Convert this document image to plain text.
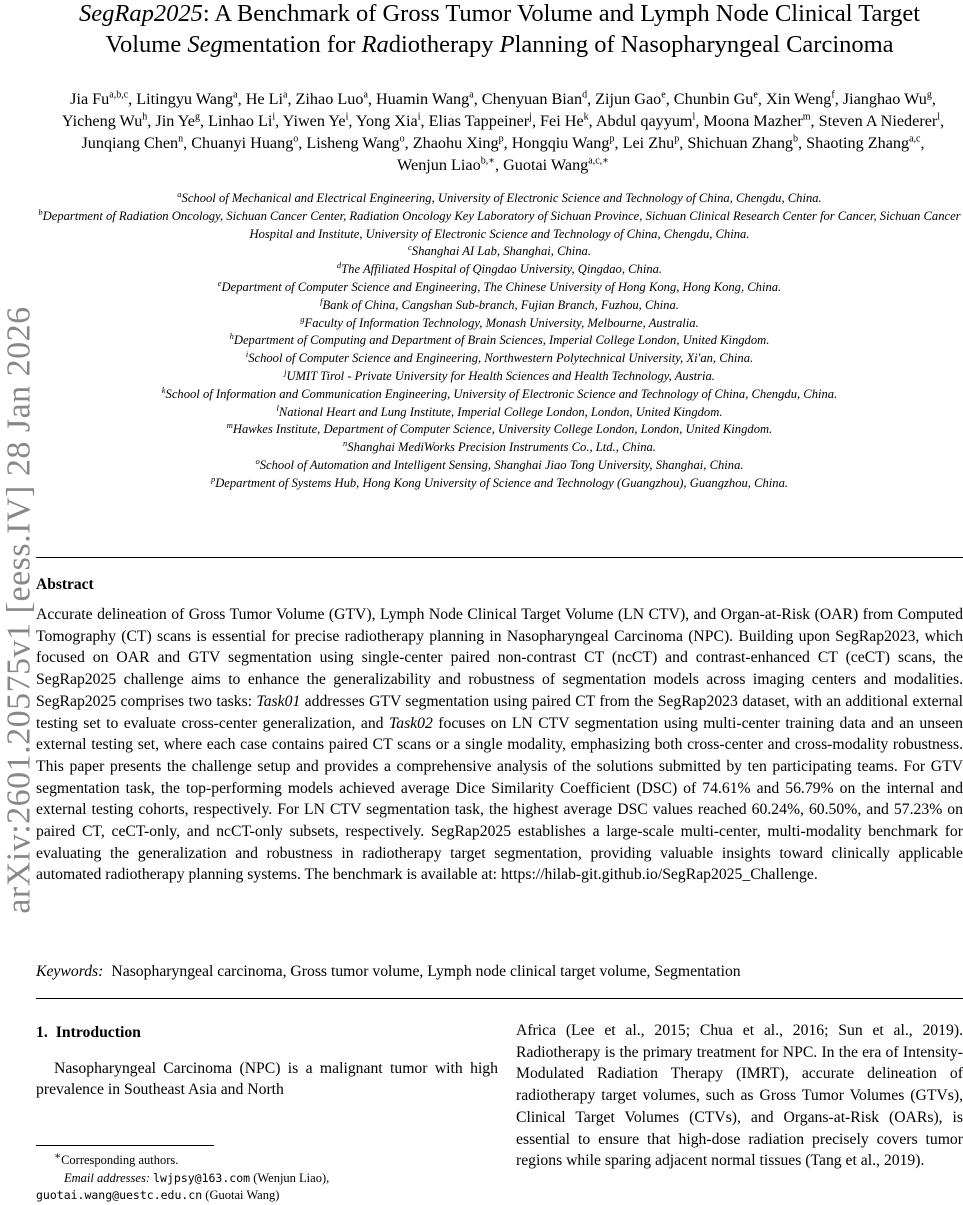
arXiv:2601.20575v1 [eess.IV] 28 Jan 2026
SegRap2025: A Benchmark of Gross Tumor Volume and Lymph Node Clinical Target
Volume Segmentation for Radiotherapy Planning of Nasopharyngeal Carcinoma
Jia Fu$^{a,b,c}$, Litingyu Wang$^a$, He Li$^a$, Zihao Luo$^a$, Huamin Wang$^a$, Chenyuan Bian$^d$, Zijun Gao$^e$, Chunbin Gu$^e$, Xin Weng$^f$, Jianghao Wu$^g$, Yicheng Wu$^h$, Jin Ye$^g$, Linhao Li$^i$, Yiwen Ye$^i$, Yong Xia$^i$, Elias Tappeiner$^j$, Fei He$^k$, Abdul qayyum$^l$, Moona Mazher$^m$, Steven A Niederer$^l$, Junqiang Chen$^n$, Chuanyi Huang$^o$, Lisheng Wang$^o$, Zhaohu Xing$^p$, Hongqiu Wang$^p$, Lei Zhu$^p$, Shichuan Zhang$^b$, Shaoting Zhang$^{a,c}$, Wenjun Liao$^{b,∗}$, Guotai Wang$^{a,c,∗}$
$^a$School of Mechanical and Electrical Engineering, University of Electronic Science and Technology of China, Chengdu, China.
$^b$Department of Radiation Oncology, Sichuan Cancer Center, Radiation Oncology Key Laboratory of Sichuan Province, Sichuan Clinical Research Center for Cancer, Sichuan Cancer Hospital and Institute, University of Electronic Science and Technology of China, Chengdu, China.
$^c$Shanghai AI Lab, Shanghai, China.
$^d$The Affiliated Hospital of Qingdao University, Qingdao, China.
$^e$Department of Computer Science and Engineering, The Chinese University of Hong Kong, Hong Kong, China.
$^f$Bank of China, Cangshan Sub-branch, Fujian Branch, Fuzhou, China.
$^g$Faculty of Information Technology, Monash University, Melbourne, Australia.
$^h$Department of Computing and Department of Brain Sciences, Imperial College London, United Kingdom.
$^i$School of Computer Science and Engineering, Northwestern Polytechnical University, Xi'an, China.
$^j$UMIT Tirol - Private University for Health Sciences and Health Technology, Austria.
$^k$School of Information and Communication Engineering, University of Electronic Science and Technology of China, Chengdu, China.
$^l$National Heart and Lung Institute, Imperial College London, London, United Kingdom.
$^m$Hawkes Institute, Department of Computer Science, University College London, London, United Kingdom.
$^n$Shanghai MediWorks Precision Instruments Co., Ltd., China.
$^o$School of Automation and Intelligent Sensing, Shanghai Jiao Tong University, Shanghai, China.
$^p$Department of Systems Hub, Hong Kong University of Science and Technology (Guangzhou), Guangzhou, China.
Abstract
Accurate delineation of Gross Tumor Volume (GTV), Lymph Node Clinical Target Volume (LN CTV), and Organ-at-Risk (OAR) from Computed Tomography (CT) scans is essential for precise radiotherapy planning in Nasopharyngeal Carcinoma (NPC). Building upon SegRap2023, which focused on OAR and GTV segmentation using single-center paired non-contrast CT (ncCT) and contrast-enhanced CT (ceCT) scans, the SegRap2025 challenge aims to enhance the generalizability and robustness of segmentation models across imaging centers and modalities. SegRap2025 comprises two tasks: Task01 addresses GTV segmentation using paired CT from the SegRap2023 dataset, with an additional external testing set to evaluate cross-center generalization, and Task02 focuses on LN CTV segmentation using multi-center training data and an unseen external testing set, where each case contains paired CT scans or a single modality, emphasizing both cross-center and cross-modality robustness. This paper presents the challenge setup and provides a comprehensive analysis of the solutions submitted by ten participating teams. For GTV segmentation task, the top-performing models achieved average Dice Similarity Coefficient (DSC) of 74.61% and 56.79% on the internal and external testing cohorts, respectively. For LN CTV segmentation task, the highest average DSC values reached 60.24%, 60.50%, and 57.23% on paired CT, ceCT-only, and ncCT-only subsets, respectively. SegRap2025 establishes a large-scale multi-center, multi-modality benchmark for evaluating the generalization and robustness in radiotherapy target segmentation, providing valuable insights toward clinically applicable automated radiotherapy planning systems. The benchmark is available at: https://hilab-git.github.io/SegRap2025_Challenge.
Keywords: Nasopharyngeal carcinoma, Gross tumor volume, Lymph node clinical target volume, Segmentation
1. Introduction
Nasopharyngeal Carcinoma (NPC) is a malignant tumor with high prevalence in Southeast Asia and North
∗Corresponding authors.
Email addresses: lwjpsy@163.com (Wenjun Liao),
guotai.wang@uestc.edu.cn (Guotai Wang)
Africa (Lee et al., 2015; Chua et al., 2016; Sun et al., 2019). Radiotherapy is the primary treatment for NPC. In the era of Intensity-Modulated Radiation Therapy (IMRT), accurate delineation of radiotherapy target volumes, such as Gross Tumor Volumes (GTVs), Clinical Target Volumes (CTVs), and Organs-at-Risk (OARs), is essential to ensure that high-dose radiation precisely covers tumor regions while sparing adjacent normal tissues (Tang et al., 2019).
